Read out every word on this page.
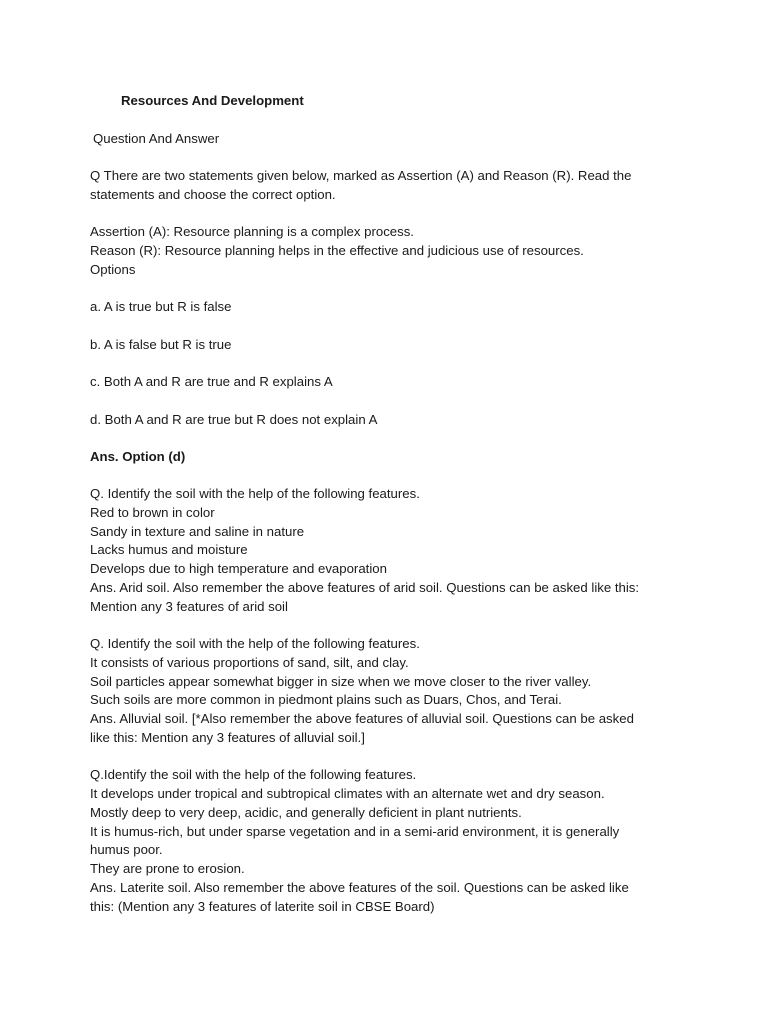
Resources And Development
Question And Answer
Q There are two statements given below, marked as Assertion (A) and Reason (R). Read the
statements and choose the correct option.
Assertion (A): Resource planning is a complex process.
Reason (R): Resource planning helps in the effective and judicious use of resources.
Options
a. A is true but R is false
b. A is false but R is true
c. Both A and R are true and R explains A
d. Both A and R are true but R does not explain A
Ans. Option (d)
Q. Identify the soil with the help of the following features.
Red to brown in color
Sandy in texture and saline in nature
Lacks humus and moisture
Develops due to high temperature and evaporation
Ans. Arid soil. Also remember the above features of arid soil. Questions can be asked like this:
Mention any 3 features of arid soil
Q. Identify the soil with the help of the following features.
It consists of various proportions of sand, silt, and clay.
Soil particles appear somewhat bigger in size when we move closer to the river valley.
Such soils are more common in piedmont plains such as Duars, Chos, and Terai.
Ans. Alluvial soil. [*Also remember the above features of alluvial soil. Questions can be asked
like this: Mention any 3 features of alluvial soil.]
Q.Identify the soil with the help of the following features.
It develops under tropical and subtropical climates with an alternate wet and dry season.
Mostly deep to very deep, acidic, and generally deficient in plant nutrients.
It is humus-rich, but under sparse vegetation and in a semi-arid environment, it is generally
humus poor.
They are prone to erosion.
Ans. Laterite soil. Also remember the above features of the soil. Questions can be asked like
this: (Mention any 3 features of laterite soil in CBSE Board)
